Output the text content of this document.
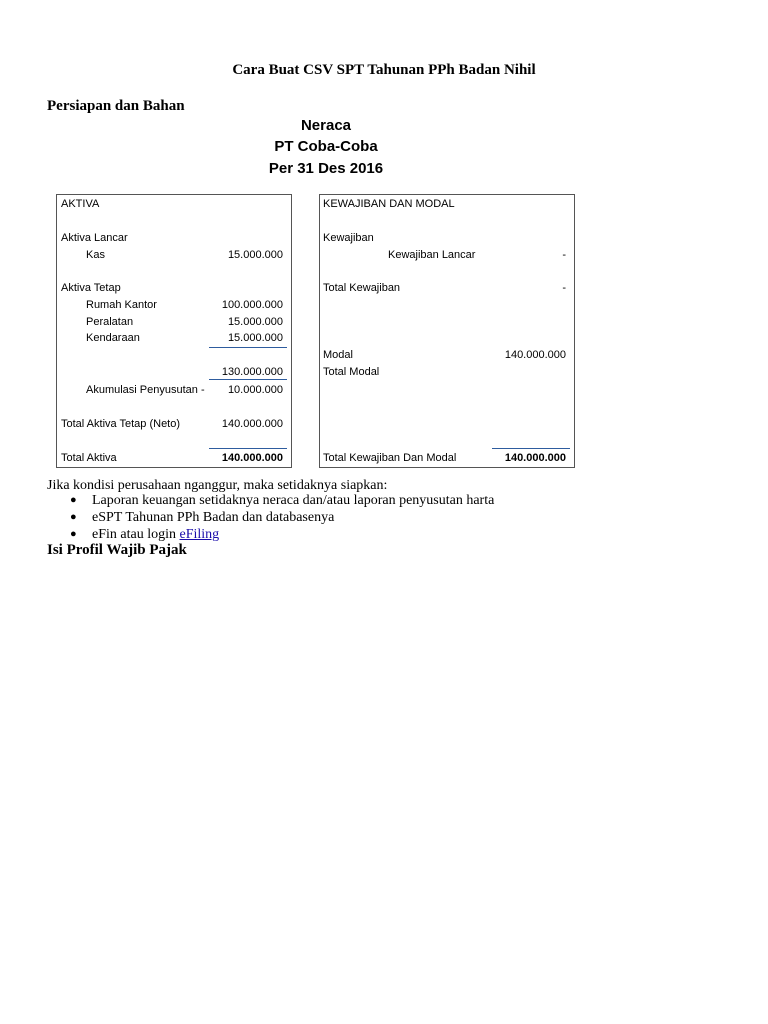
Cara Buat CSV SPT Tahunan PPh Badan Nihil
Persiapan dan Bahan
Neraca
PT Coba-Coba
Per 31 Des 2016
AKTIVA
Aktiva Lancar
Kas	15.000.000
Aktiva Tetap
Rumah Kantor	100.000.000
Peralatan	15.000.000
Kendaraan	15.000.000
130.000.000
Akumulasi Penyusutan - 10.000.000
Total Aktiva Tetap (Neto)	140.000.000
Total Aktiva	140.000.000
KEWAJIBAN DAN MODAL
Kewajiban
Kewajiban Lancar	-
Total Kewajiban	-
Modal	140.000.000
Total Modal
Total Kewajiban Dan Modal	140.000.000
Jika kondisi perusahaan nganggur, maka setidaknya siapkan:
● Laporan keuangan setidaknya neraca dan/atau laporan penyusutan harta
● eSPT Tahunan PPh Badan dan databasenya
● eFin atau login eFiling
Isi Profil Wajib Pajak
